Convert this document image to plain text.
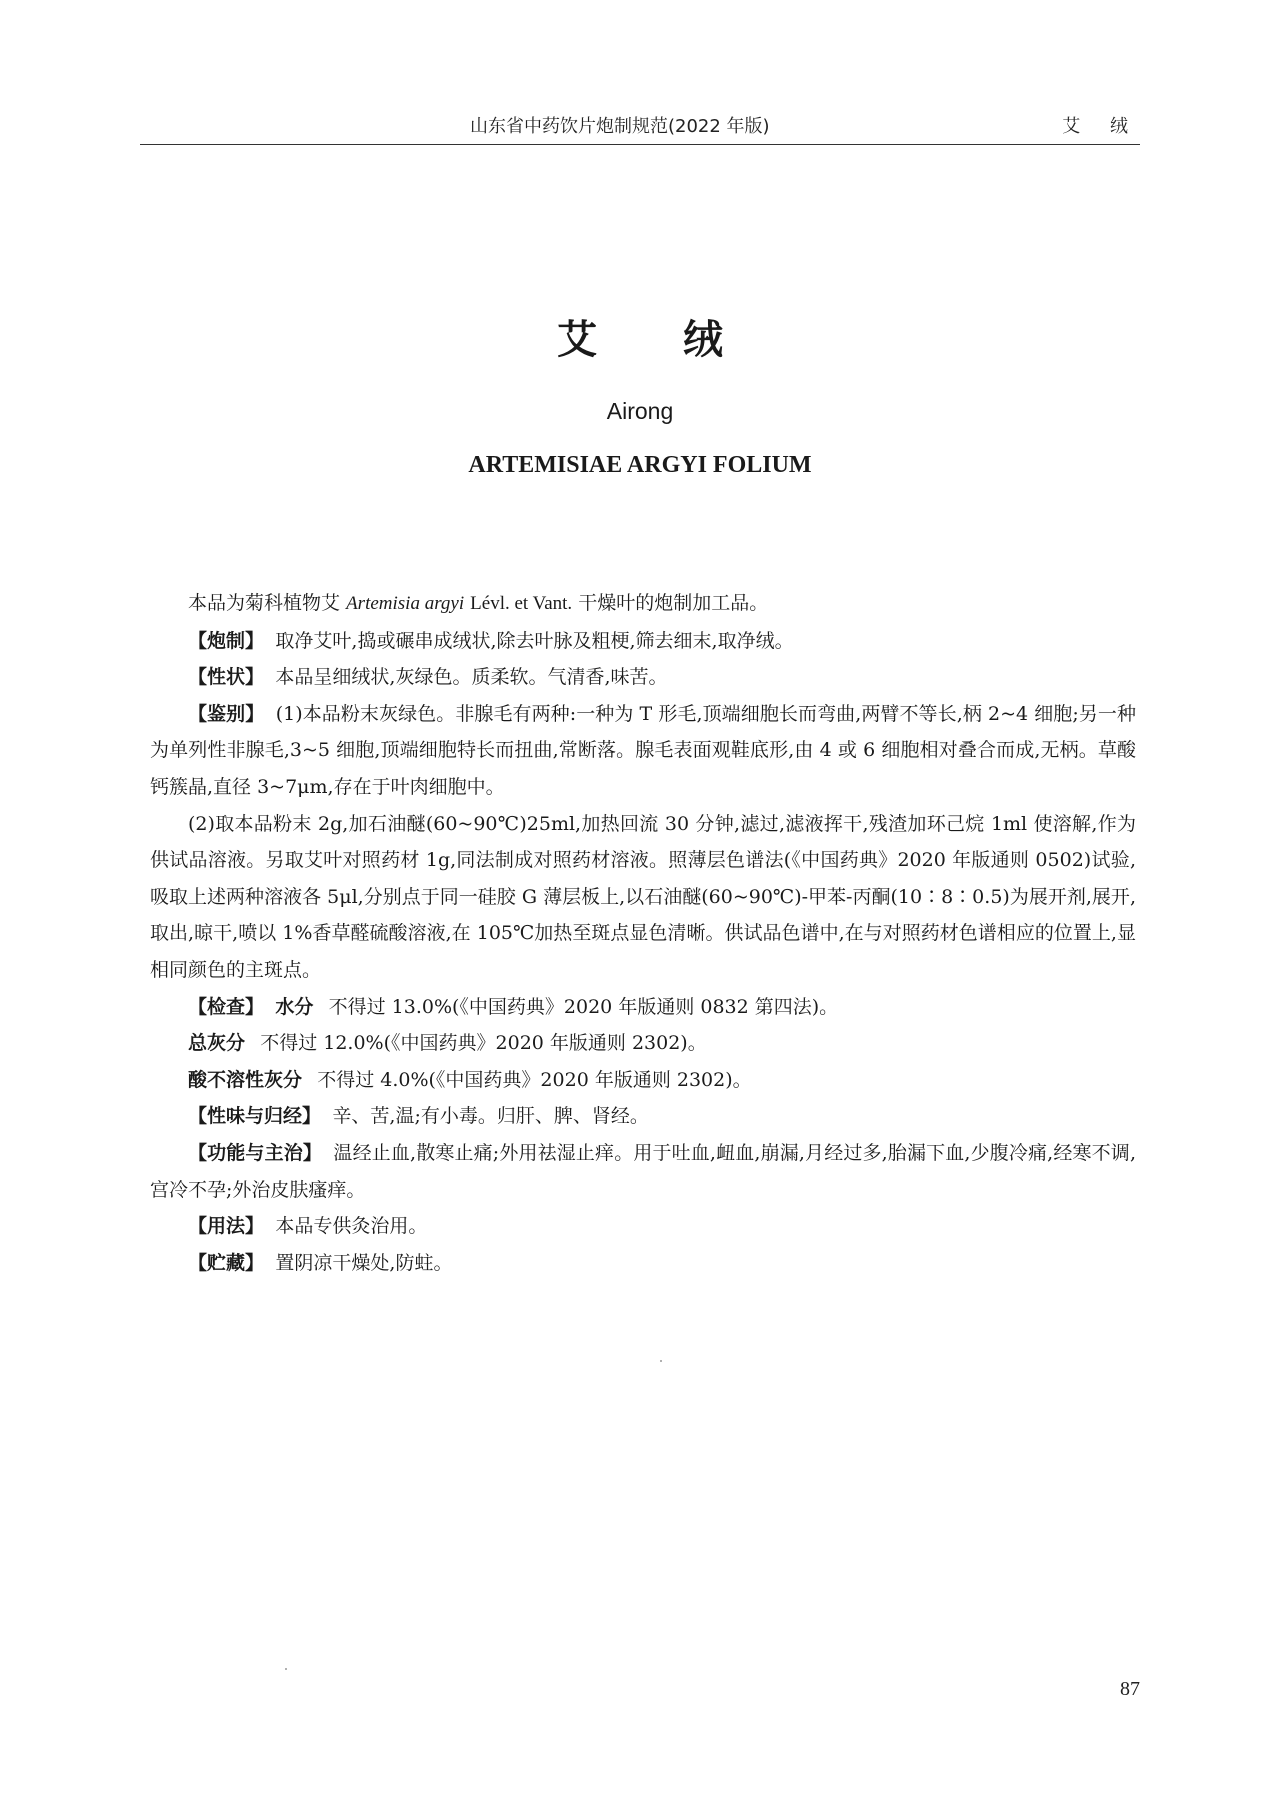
山东省中药饮片炮制规范(2022 年版)	艾 绒
艾 绒
Airong
ARTEMISIAE ARGYI FOLIUM

本品为菊科植物艾 Artemisia argyi Lévl. et Vant. 干燥叶的炮制加工品。

【炮制】 取净艾叶,捣或碾串成绒状,除去叶脉及粗梗,筛去细末,取净绒。

【性状】 本品呈细绒状,灰绿色。质柔软。气清香,味苦。

【鉴别】 (1)本品粉末灰绿色。非腺毛有两种:一种为 T 形毛,顶端细胞长而弯曲,两臂不等长,柄 2~4 细胞;另一种为单列性非腺毛,3~5 细胞,顶端细胞特长而扭曲,常断落。腺毛表面观鞋底形,由 4 或 6 细胞相对叠合而成,无柄。草酸钙簇晶,直径 3~7μm,存在于叶肉细胞中。

(2)取本品粉末 2g,加石油醚(60~90℃)25ml,加热回流 30 分钟,滤过,滤液挥干,残渣加环己烷 1ml 使溶解,作为供试品溶液。另取艾叶对照药材 1g,同法制成对照药材溶液。照薄层色谱法(《中国药典》2020 年版通则 0502)试验,吸取上述两种溶液各 5μl,分别点于同一硅胶 G 薄层板上,以石油醚(60~90℃)-甲苯-丙酮(10∶8∶0.5)为展开剂,展开,取出,晾干,喷以 1%香草醛硫酸溶液,在 105℃加热至斑点显色清晰。供试品色谱中,在与对照药材色谱相应的位置上,显相同颜色的主斑点。

【检查】 水分 不得过 13.0%(《中国药典》2020 年版通则 0832 第四法)。

总灰分 不得过 12.0%(《中国药典》2020 年版通则 2302)。

酸不溶性灰分 不得过 4.0%(《中国药典》2020 年版通则 2302)。

【性味与归经】 辛、苦,温;有小毒。归肝、脾、肾经。

【功能与主治】 温经止血,散寒止痛;外用祛湿止痒。用于吐血,衄血,崩漏,月经过多,胎漏下血,少腹冷痛,经寒不调,宫冷不孕;外治皮肤瘙痒。

【用法】 本品专供灸治用。

【贮藏】 置阴凉干燥处,防蛀。

87
